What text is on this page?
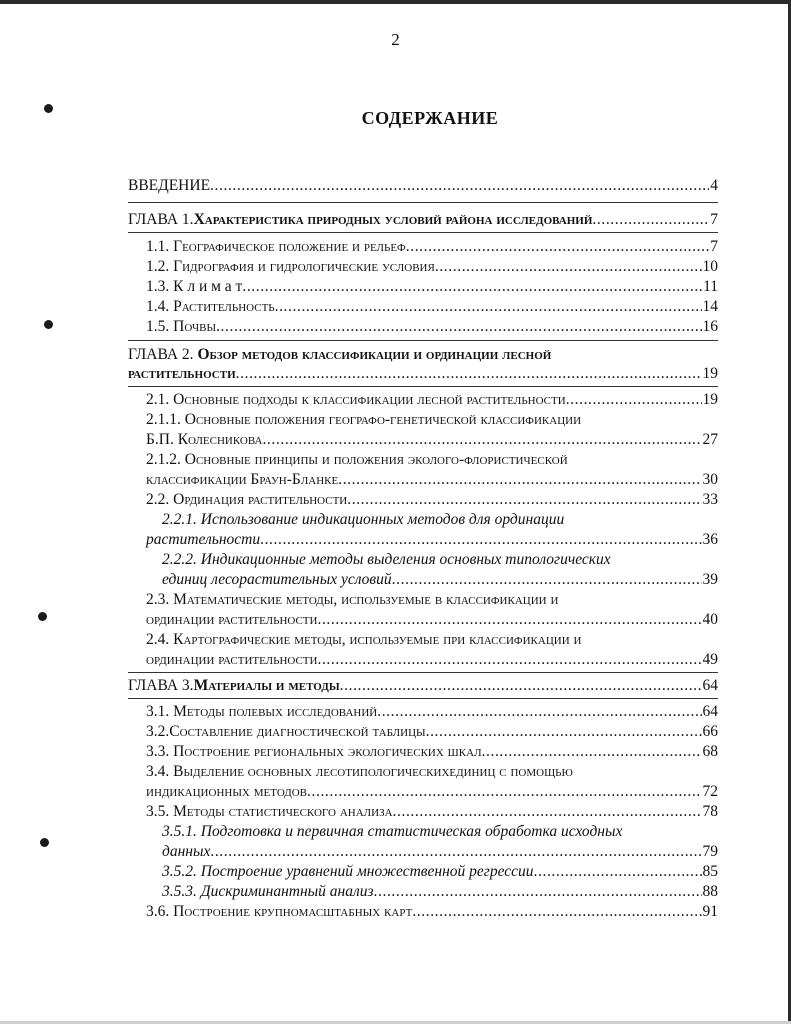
2
СОДЕРЖАНИЕ
ВВЕДЕНИЕ .....	4
ГЛАВА 1. Характеристика природных условий района исследований .....	7
1.1. Географическое положение и рельеф .....	7
1.2. Гидрография и гидрологические условия .....	10
1.3. К л и м а т .....	11
1.4. Растительность .....	14
1.5. Почвы .....	16
ГЛАВА 2. Обзор методов классификации и ординации лесной
растительности .....	19
2.1. Основные подходы к классификации лесной растительности .....	19
2.1.1. Основные положения географо-генетической классификации
Б.П. Колесникова .....	27
2.1.2. Основные принципы и положения эколого-флористической
классификации Браун-Бланке .....	30
2.2. Ординация растительности .....	33
2.2.1. Использование индикационных методов для ординации
растительности .....	36
2.2.2. Индикационные методы выделения основных типологических
единиц лесорастительных условий .....	39
2.3. Математические методы, используемые в классификации и
ординации растительности .....	40
2.4. Картографические методы, используемые при классификации и
ординации растительности .....	49
ГЛАВА 3. Материалы и методы .....	64
3.1. Методы полевых исследований .....	64
3.2.Составление диагностической таблицы .....	66
3.3. Построение региональных экологических шкал .....	68
3.4. Выделение основных лесотипологическихединиц с помощью
индикационных методов .....	72
3.5. Методы статистического анализа .....	78
3.5.1. Подготовка и первичная статистическая обработка исходных
данных .....	79
3.5.2. Построение уравнений множественной регрессии .....	85
3.5.3. Дискриминантный анализ .....	88
3.6. Построение крупномасштабных карт .....	91
